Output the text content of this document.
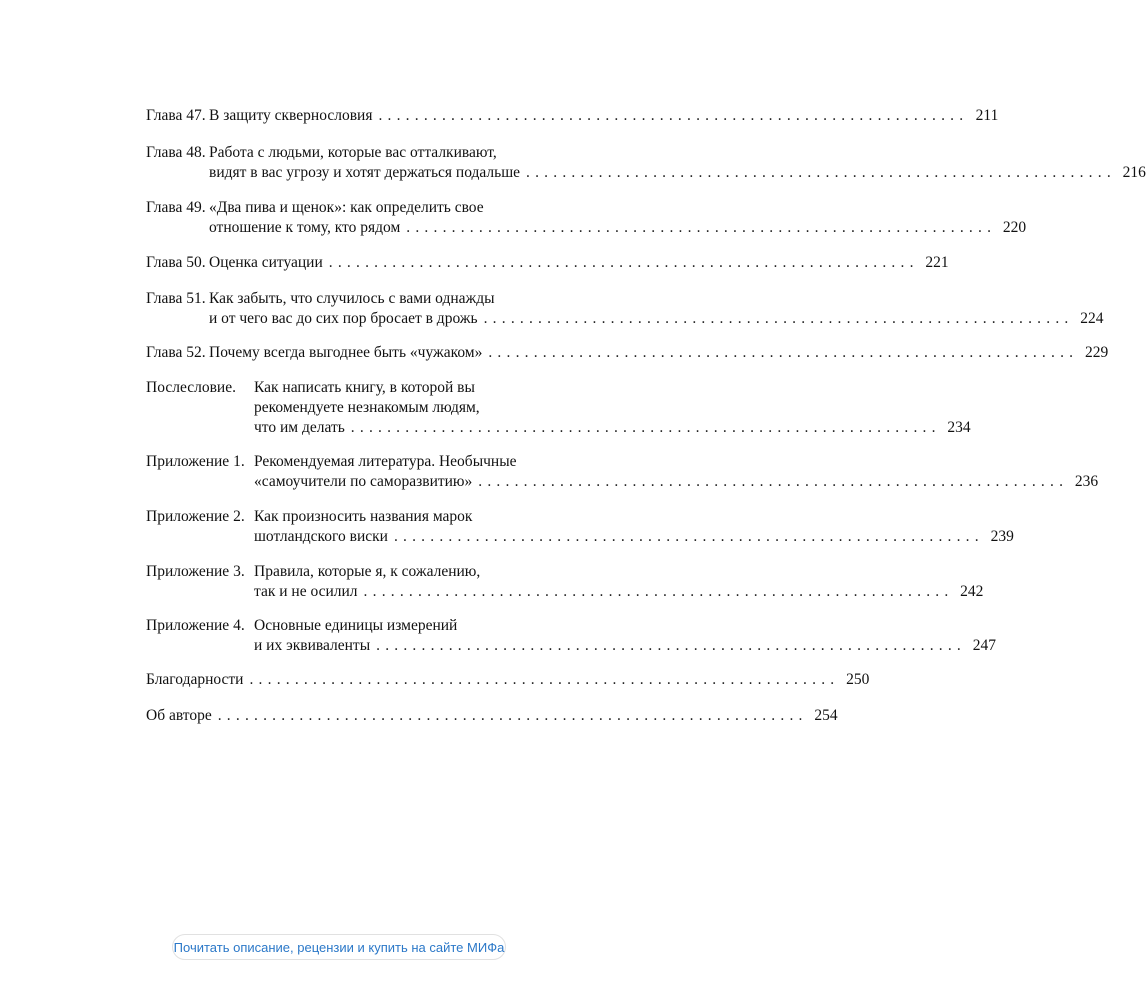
Глава 47. В защиту сквернословия ................................................................. 211
Глава 48. Работа с людьми, которые вас отталкивают,
видят в вас угрозу и хотят держаться подальше ................................................................. 216
Глава 49. «Два пива и щенок»: как определить свое
отношение к тому, кто рядом ................................................................. 220
Глава 50. Оценка ситуации ................................................................. 221
Глава 51. Как забыть, что случилось с вами однажды
и от чего вас до сих пор бросает в дрожь ................................................................. 224
Глава 52. Почему всегда выгоднее быть «чужаком» ................................................................. 229
Послесловие. Как написать книгу, в которой вы
рекомендуете незнакомым людям,
что им делать ................................................................. 234
Приложение 1. Рекомендуемая литература. Необычные
«самоучители по саморазвитию» ................................................................. 236
Приложение 2. Как произносить названия марок
шотландского виски ................................................................. 239
Приложение 3. Правила, которые я, к сожалению,
так и не осилил ................................................................. 242
Приложение 4. Основные единицы измерений
и их эквиваленты ................................................................. 247
Благодарности ................................................................. 250
Об авторе ................................................................. 254
Почитать описание, рецензии и купить на сайте МИФа
